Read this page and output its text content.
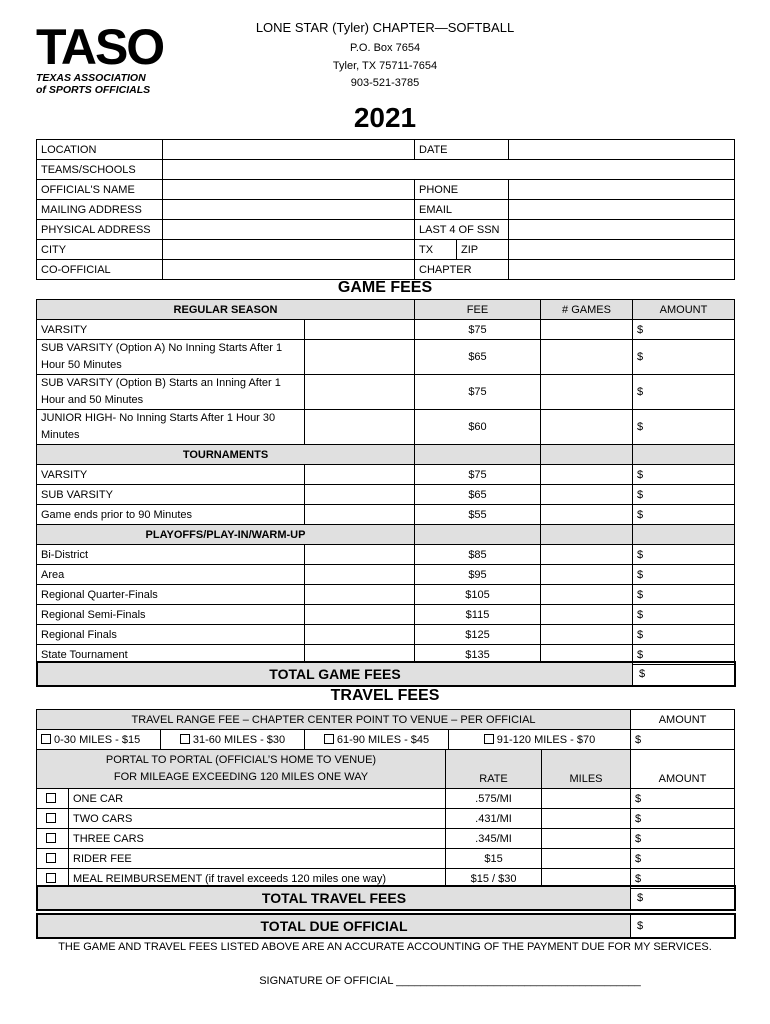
TASO
TEXAS ASSOCIATION
of SPORTS OFFICIALS
LONE STAR (Tyler) CHAPTER—SOFTBALL
P.O. Box 7654
Tyler, TX 75711-7654
903-521-3785
2021
LOCATION		DATE		
TEAMS/SCHOOLS				
OFFICIAL'S NAME		PHONE		
MAILING ADDRESS		EMAIL		
PHYSICAL ADDRESS		LAST 4 OF SSN		
CITY		TX	ZIP	
CO-OFFICIAL		CHAPTER		
GAME FEES
REGULAR SEASON		FEE	# GAMES	AMOUNT
VARSITY		$75		$
SUB VARSITY (Option A) No Inning Starts After 1 Hour 50 Minutes		$65		$
SUB VARSITY (Option B) Starts an Inning After 1 Hour and 50 Minutes		$75		$
JUNIOR HIGH- No Inning Starts After 1 Hour 30 Minutes		$60		$
TOURNAMENTS				
VARSITY		$75		$
SUB VARSITY		$65		$
Game ends prior to 90 Minutes		$55		$
PLAYOFFS/PLAY-IN/WARM-UP				
Bi-District		$85		$
Area		$95		$
Regional Quarter-Finals		$105		$
Regional Semi-Finals		$115		$
Regional Finals		$125		$
State Tournament		$135		$
TOTAL GAME FEES	$
TRAVEL FEES
TRAVEL RANGE FEE – CHAPTER CENTER POINT TO VENUE – PER OFFICIAL				AMOUNT
0-30 MILES - $15	31-60 MILES - $30	61-90 MILES - $45	91-120 MILES - $70	$
PORTAL TO PORTAL (OFFICIAL’S HOME TO VENUE)
FOR MILEAGE EXCEEDING 120 MILES ONE WAY		RATE	MILES	AMOUNT
	ONE CAR	.575/MI		$
	TWO CARS	.431/MI		$
	THREE CARS	.345/MI		$
	RIDER FEE	$15		$
	MEAL REIMBURSEMENT (if travel exceeds 120 miles one way)	$15 / $30		$
TOTAL TRAVEL FEES	$
TOTAL DUE OFFICIAL	$
THE GAME AND TRAVEL FEES LISTED ABOVE ARE AN ACCURATE ACCOUNTING OF THE PAYMENT DUE FOR MY SERVICES.
SIGNATURE OF OFFICIAL ________________________________________
